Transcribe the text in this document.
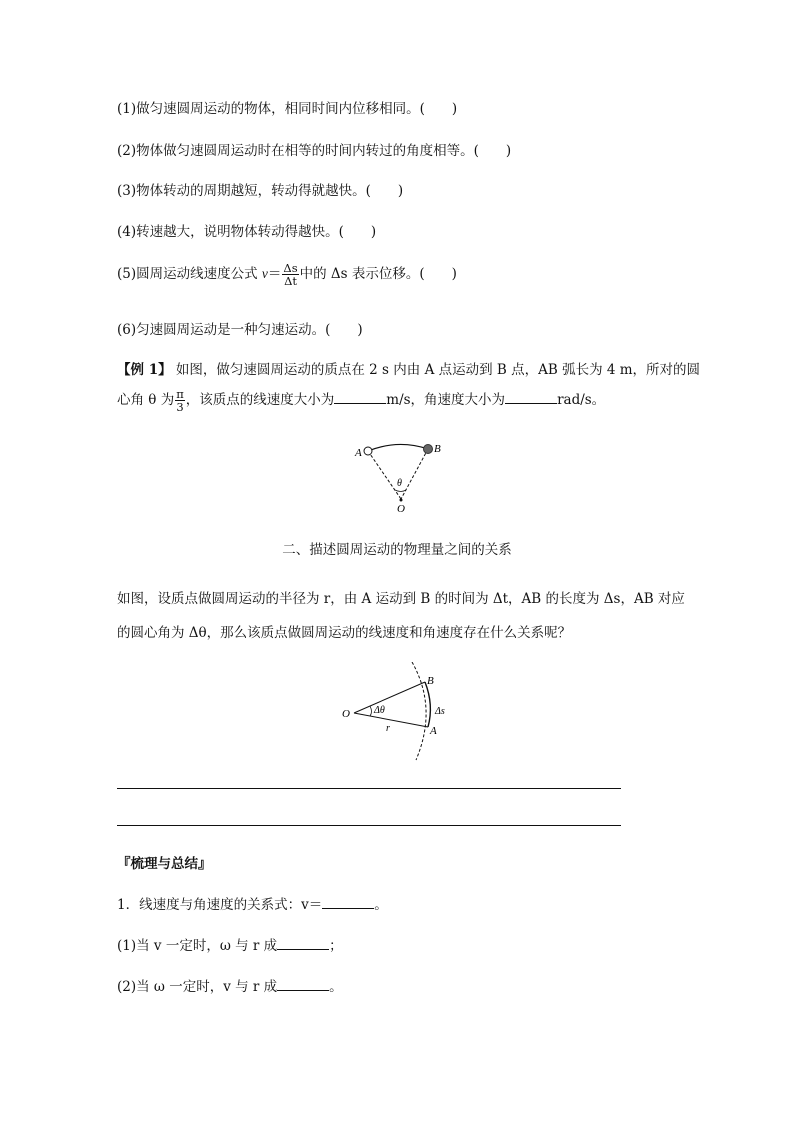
(1)做匀速圆周运动的物体，相同时间内位移相同。(　　)
(2)物体做匀速圆周运动时在相等的时间内转过的角度相等。(　　)
(3)物体转动的周期越短，转动得就越快。(　　)
(4)转速越大，说明物体转动得越快。(　　)
(5)圆周运动线速度公式 $v= \frac{\Delta s}{\Delta t}$ 中的 Δs 表示位移。(　　)
(6)匀速圆周运动是一种匀速运动。(　　)
【例 1】 如图，做匀速圆周运动的质点在 2 s 内由 A 点运动到 B 点，AB 弧长为 4 m，所对的圆
心角 θ 为 $\frac{\pi}{3}$ ，该质点的线速度大小为	m/s，角速度大小为	rad/s。
A	B
O
θ
二、描述圆周运动的物理量之间的关系
如图，设质点做圆周运动的半径为 r，由 A 运动到 B 的时间为 Δt，AB 的长度为 Δs，AB 对应
的圆心角为 Δθ，那么该质点做圆周运动的线速度和角速度存在什么关系呢？
O
B
A
r
Δθ	Δs
『梳理与总结』
1．线速度与角速度的关系式：v＝	。
(1)当 v 一定时，ω 与 r 成	；
(2)当 ω 一定时，v 与 r 成	。
